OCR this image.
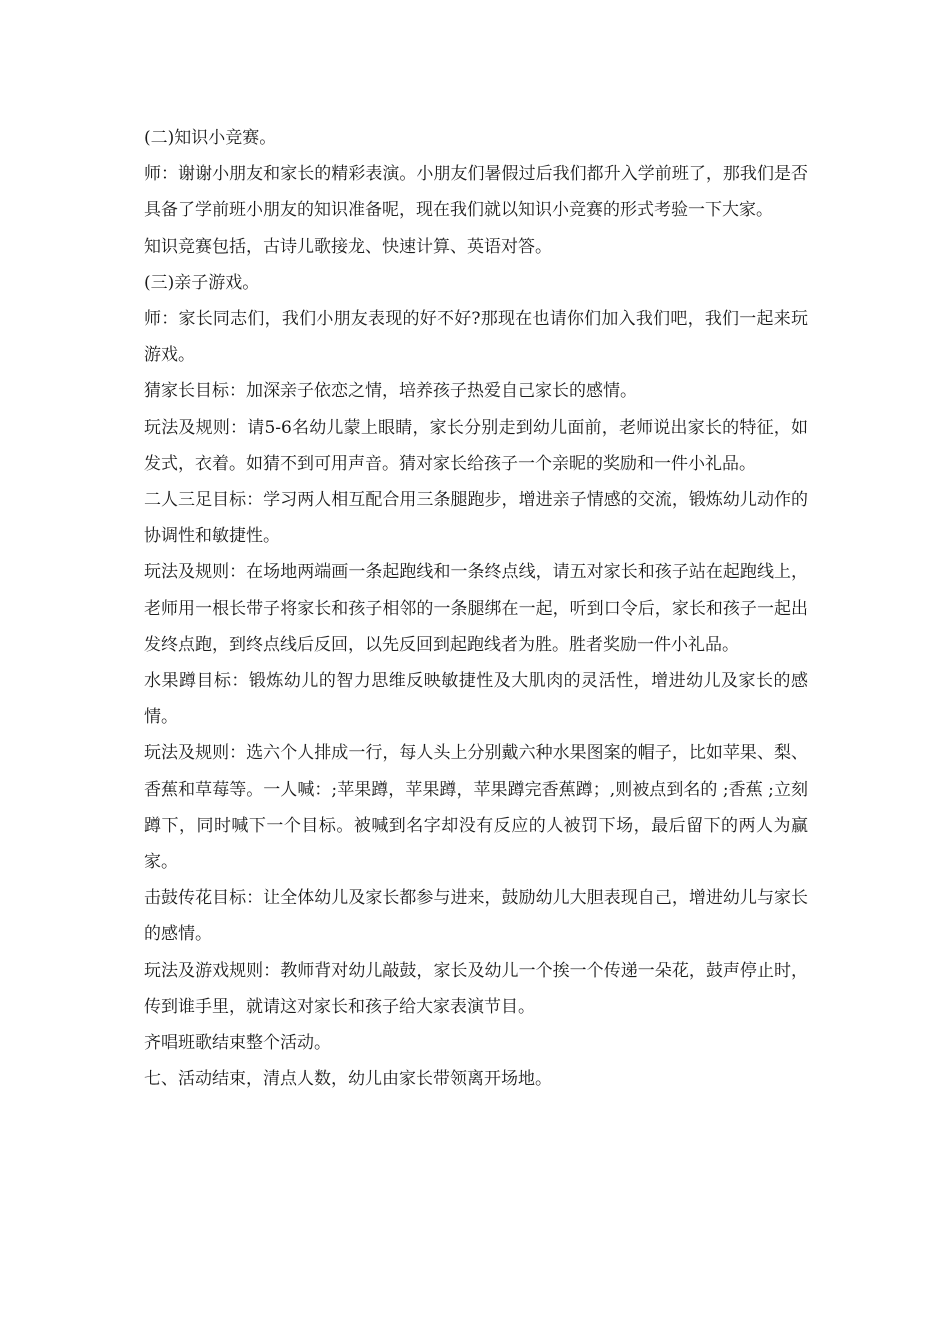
(二)知识小竞赛。

师：谢谢小朋友和家长的精彩表演。小朋友们暑假过后我们都升入学前班了，那我们是否具备了学前班小朋友的知识准备呢，现在我们就以知识小竞赛的形式考验一下大家。

知识竞赛包括，古诗儿歌接龙、快速计算、英语对答。

(三)亲子游戏。

师：家长同志们，我们小朋友表现的好不好?那现在也请你们加入我们吧，我们一起来玩游戏。

猜家长目标：加深亲子依恋之情，培养孩子热爱自己家长的感情。

玩法及规则：请5-6名幼儿蒙上眼睛，家长分别走到幼儿面前，老师说出家长的特征，如发式，衣着。如猜不到可用声音。猜对家长给孩子一个亲昵的奖励和一件小礼品。

二人三足目标：学习两人相互配合用三条腿跑步，增进亲子情感的交流，锻炼幼儿动作的协调性和敏捷性。

玩法及规则：在场地两端画一条起跑线和一条终点线，请五对家长和孩子站在起跑线上，老师用一根长带子将家长和孩子相邻的一条腿绑在一起，听到口令后，家长和孩子一起出发终点跑，到终点线后反回，以先反回到起跑线者为胜。胜者奖励一件小礼品。

水果蹲目标：锻炼幼儿的智力思维反映敏捷性及大肌肉的灵活性，增进幼儿及家长的感情。

玩法及规则：选六个人排成一行，每人头上分别戴六种水果图案的帽子，比如苹果、梨、香蕉和草莓等。一人喊：;苹果蹲，苹果蹲，苹果蹲完香蕉蹲；,则被点到名的 ;香蕉 ;立刻蹲下，同时喊下一个目标。被喊到名字却没有反应的人被罚下场，最后留下的两人为赢家。

击鼓传花目标：让全体幼儿及家长都参与进来，鼓励幼儿大胆表现自己，增进幼儿与家长的感情。

玩法及游戏规则：教师背对幼儿敲鼓，家长及幼儿一个挨一个传递一朵花，鼓声停止时，传到谁手里，就请这对家长和孩子给大家表演节目。

齐唱班歌结束整个活动。

七、活动结束，清点人数，幼儿由家长带领离开场地。
